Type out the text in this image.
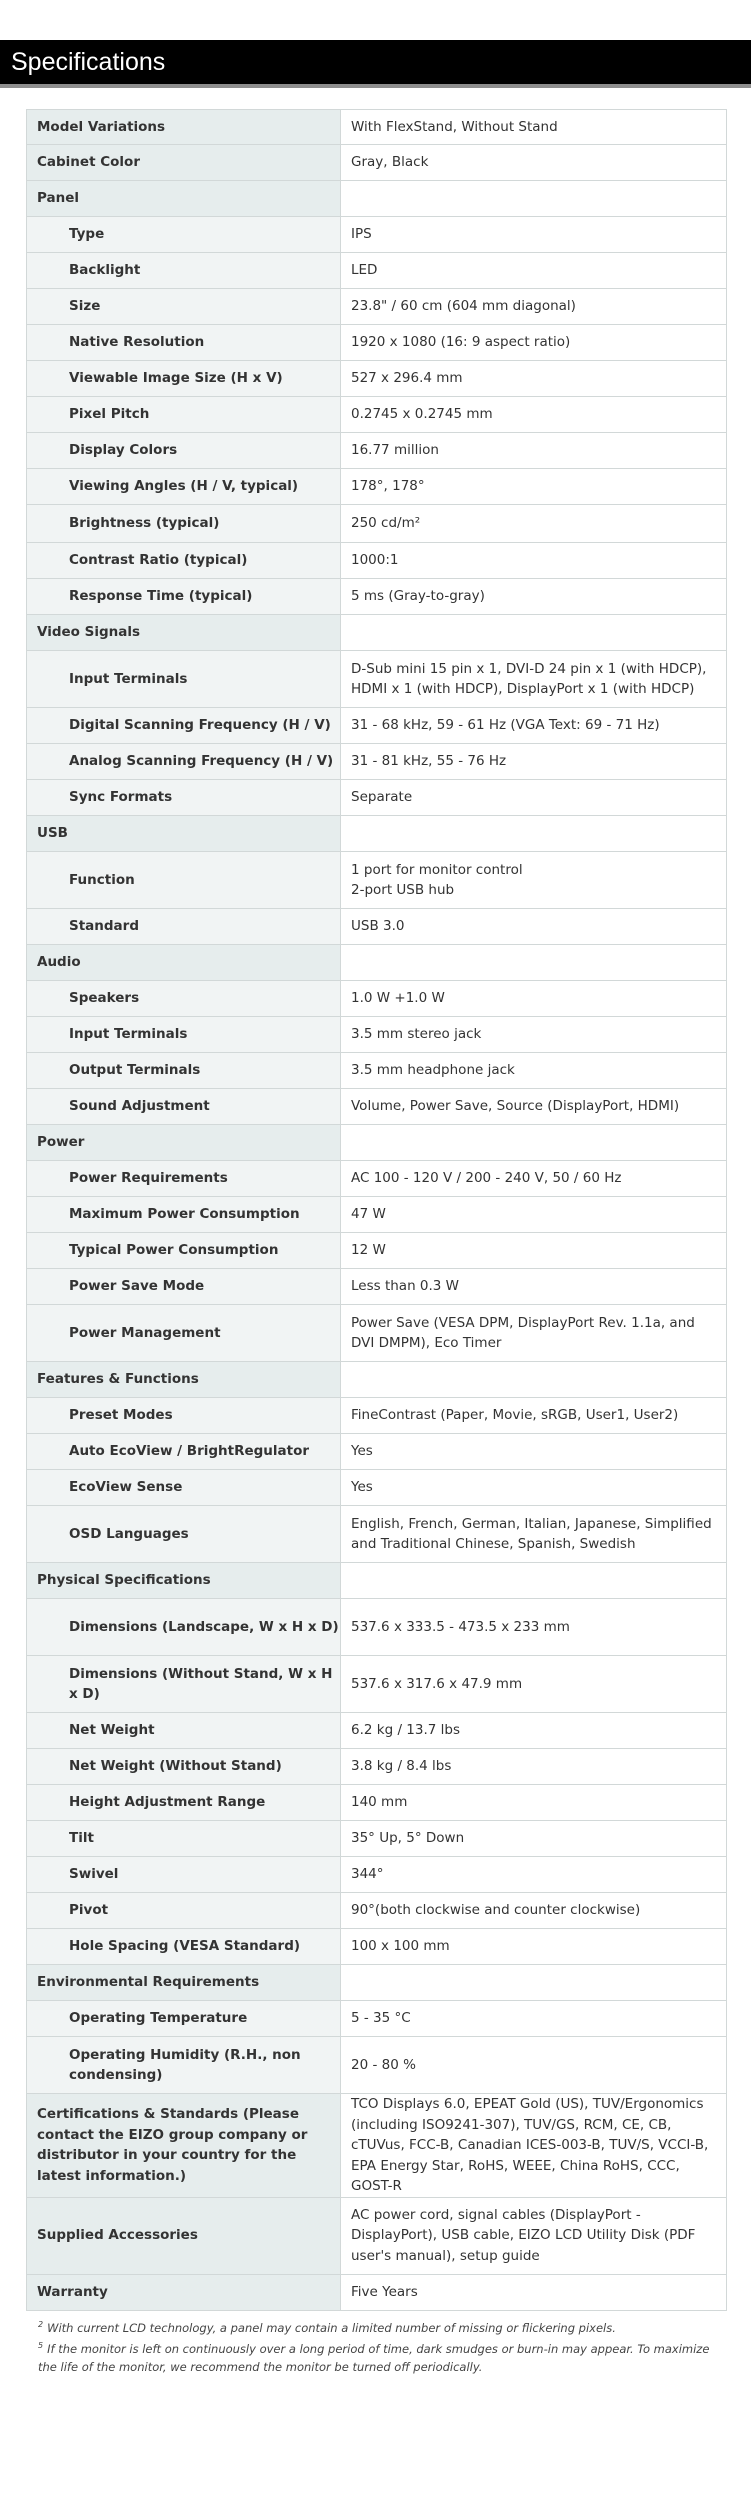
Specifications
Model Variations	With FlexStand, Without Stand
Cabinet Color	Gray, Black
Panel	
Type	IPS
Backlight	LED
Size	23.8" / 60 cm (604 mm diagonal)
Native Resolution	1920 x 1080 (16: 9 aspect ratio)
Viewable Image Size (H x V)	527 x 296.4 mm
Pixel Pitch	0.2745 x 0.2745 mm
Display Colors	16.77 million
Viewing Angles (H / V, typical)	178°, 178°
Brightness (typical)	250 cd/m²
Contrast Ratio (typical)	1000:1
Response Time (typical)	5 ms (Gray-to-gray)
Video Signals	
Input Terminals	D-Sub mini 15 pin x 1, DVI-D 24 pin x 1 (with HDCP), HDMI x 1 (with HDCP), DisplayPort x 1 (with HDCP)
Digital Scanning Frequency (H / V)	31 - 68 kHz, 59 - 61 Hz (VGA Text: 69 - 71 Hz)
Analog Scanning Frequency (H / V)	31 - 81 kHz, 55 - 76 Hz
Sync Formats	Separate
USB	
Function	1 port for monitor control
2-port USB hub
Standard	USB 3.0
Audio	
Speakers	1.0 W +1.0 W
Input Terminals	3.5 mm stereo jack
Output Terminals	3.5 mm headphone jack
Sound Adjustment	Volume, Power Save, Source (DisplayPort, HDMI)
Power	
Power Requirements	AC 100 - 120 V / 200 - 240 V, 50 / 60 Hz
Maximum Power Consumption	47 W
Typical Power Consumption	12 W
Power Save Mode	Less than 0.3 W
Power Management	Power Save (VESA DPM, DisplayPort Rev. 1.1a, and DVI DMPM), Eco Timer
Features & Functions	
Preset Modes	FineContrast (Paper, Movie, sRGB, User1, User2)
Auto EcoView / BrightRegulator	Yes
EcoView Sense	Yes
OSD Languages	English, French, German, Italian, Japanese, Simplified and Traditional Chinese, Spanish, Swedish
Physical Specifications	
Dimensions (Landscape, W x H x D)	537.6 x 333.5 - 473.5 x 233 mm
Dimensions (Without Stand, W x H x D)	537.6 x 317.6 x 47.9 mm
Net Weight	6.2 kg / 13.7 lbs
Net Weight (Without Stand)	3.8 kg / 8.4 lbs
Height Adjustment Range	140 mm
Tilt	35° Up, 5° Down
Swivel	344°
Pivot	90°(both clockwise and counter clockwise)
Hole Spacing (VESA Standard)	100 x 100 mm
Environmental Requirements	
Operating Temperature	5 - 35 °C
Operating Humidity (R.H., non condensing)	20 - 80 %
Certifications & Standards (Please contact the EIZO group company or distributor in your country for the latest information.)	TCO Displays 6.0, EPEAT Gold (US), TUV/Ergonomics (including ISO9241-307), TUV/GS, RCM, CE, CB, cTUVus, FCC-B, Canadian ICES-003-B, TUV/S, VCCI-B, EPA Energy Star, RoHS, WEEE, China RoHS, CCC, GOST-R
Supplied Accessories	AC power cord, signal cables (DisplayPort - DisplayPort), USB cable, EIZO LCD Utility Disk (PDF user's manual), setup guide
Warranty	Five Years

$^2$ With current LCD technology, a panel may contain a limited number of missing or flickering pixels.

$^5$ If the monitor is left on continuously over a long period of time, dark smudges or burn-in may appear. To maximize the life of the monitor, we recommend the monitor be turned off periodically.
